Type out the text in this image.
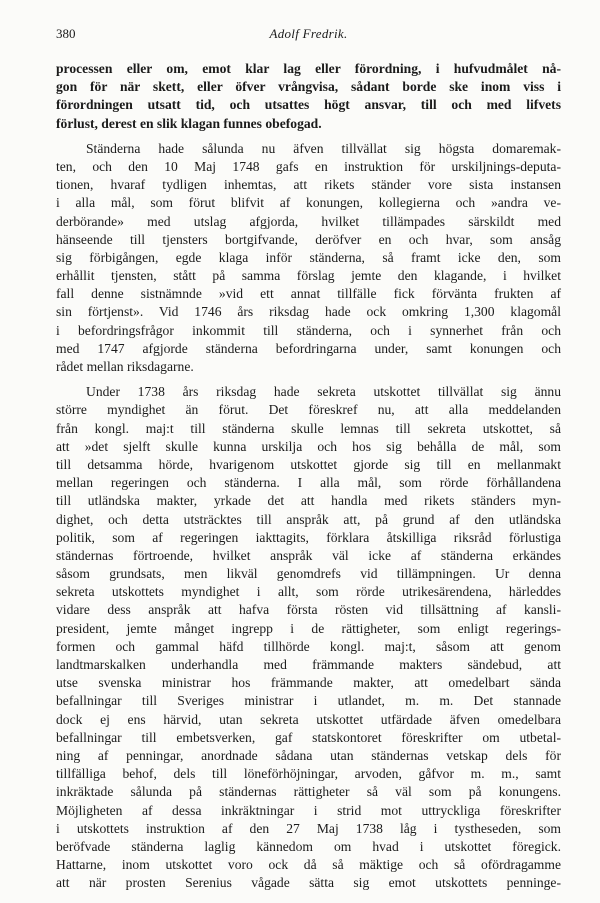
380	Adolf Fredrik.

processen eller om, emot klar lag eller förordning, i hufvudmålet nå-
gon för när skett, eller öfver vrångvisa, sådant borde ske inom viss i
förordningen utsatt tid, och utsattes högt ansvar, till och med lifvets
förlust, derest en slik klagan funnes obefogad.

Ständerna hade sålunda nu äfven tillvällat sig högsta domaremak-
ten, och den 10 Maj 1748 gafs en instruktion för urskiljnings-deputa-
tionen, hvaraf tydligen inhemtas, att rikets ständer vore sista instansen
i alla mål, som förut blifvit af konungen, kollegierna och »andra ve-
derbörande» med utslag afgjorda, hvilket tillämpades särskildt med
hänseende till tjensters bortgifvande, deröfver en och hvar, som ansåg
sig förbigången, egde klaga inför ständerna, så framt icke den, som
erhållit tjensten, stått på samma förslag jemte den klagande, i hvilket
fall denne sistnämnde »vid ett annat tillfälle fick förvänta frukten af
sin förtjenst». Vid 1746 års riksdag hade ock omkring 1,300 klagomål
i befordringsfrågor inkommit till ständerna, och i synnerhet från och
med 1747 afgjorde ständerna befordringarna under, samt konungen och
rådet mellan riksdagarne.

Under 1738 års riksdag hade sekreta utskottet tillvällat sig ännu
större myndighet än förut. Det föreskref nu, att alla meddelanden
från kongl. maj:t till ständerna skulle lemnas till sekreta utskottet, så
att »det sjelft skulle kunna urskilja och hos sig behålla de mål, som
till detsamma hörde, hvarigenom utskottet gjorde sig till en mellanmakt
mellan regeringen och ständerna. I alla mål, som rörde förhållandena
till utländska makter, yrkade det att handla med rikets ständers myn-
dighet, och detta utsträcktes till anspråk att, på grund af den utländska
politik, som af regeringen iakttagits, förklara åtskilliga riksråd förlustiga
ständernas förtroende, hvilket anspråk väl icke af ständerna erkändes
såsom grundsats, men likväl genomdrefs vid tillämpningen. Ur denna
sekreta utskottets myndighet i allt, som rörde utrikesärendena, härleddes
vidare dess anspråk att hafva första rösten vid tillsättning af kansli-
president, jemte månget ingrepp i de rättigheter, som enligt regerings-
formen och gammal häfd tillhörde kongl. maj:t, såsom att genom
landtmarskalken underhandla med främmande makters sändebud, att
utse svenska ministrar hos främmande makter, att omedelbart sända
befallningar till Sveriges ministrar i utlandet, m. m. Det stannade
dock ej ens härvid, utan sekreta utskottet utfärdade äfven omedelbara
befallningar till embetsverken, gaf statskontoret föreskrifter om utbetal-
ning af penningar, anordnade sådana utan ständernas vetskap dels för
tillfälliga behof, dels till löneförhöjningar, arvoden, gåfvor m. m., samt
inkräktade sålunda på ständernas rättigheter så väl som på konungens.
Möjligheten af dessa inkräktningar i strid mot uttryckliga föreskrifter
i utskottets instruktion af den 27 Maj 1738 låg i tystheseden, som
beröfvade ständerna laglig kännedom om hvad i utskottet föregick.
Hattarne, inom utskottet voro ock då så mäktige och så ofördragamme
att när prosten Serenius vågade sätta sig emot utskottets penninge-
